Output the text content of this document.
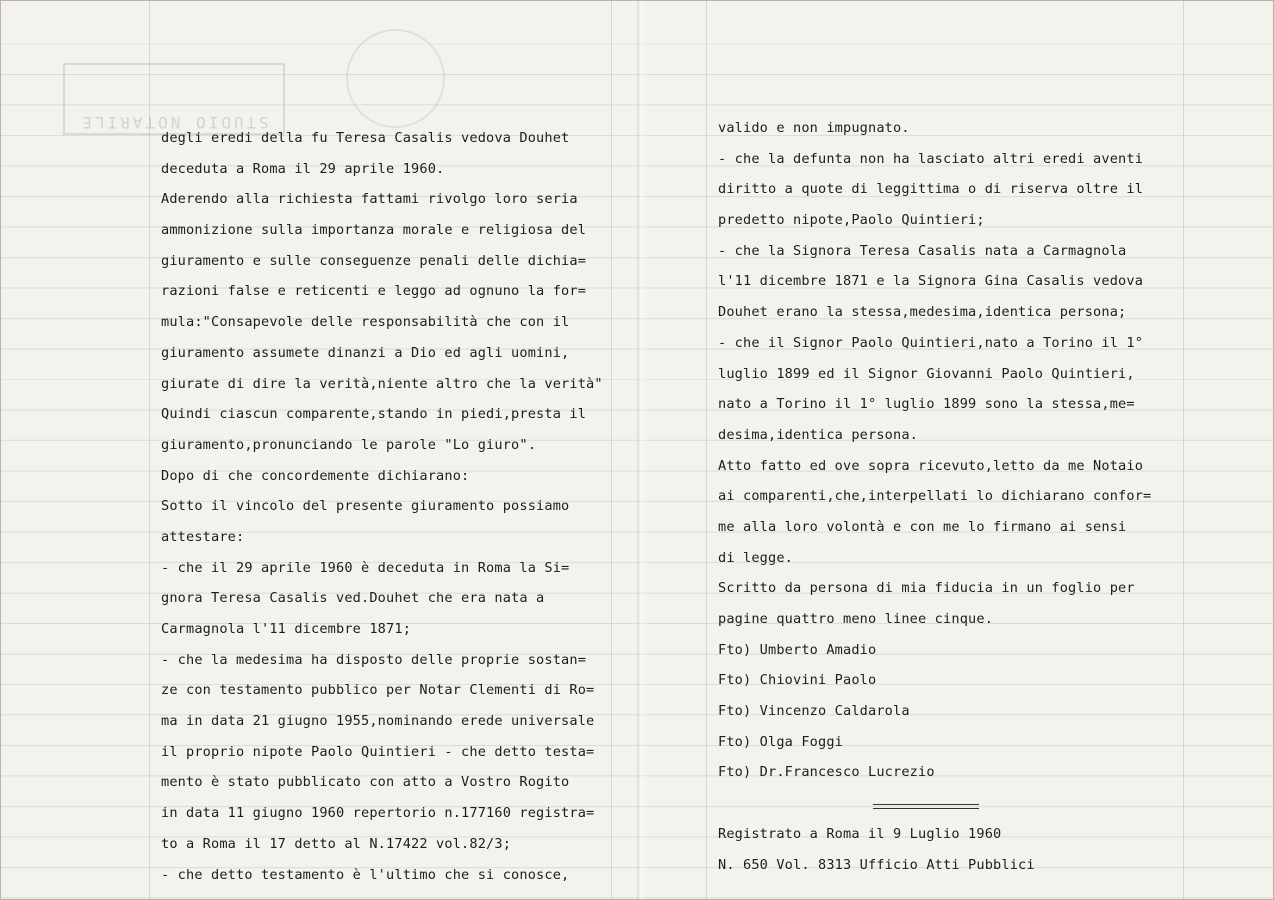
STUDIO NOTARILE
degli eredi della fu Teresa Casalis vedova Douhet
deceduta a Roma il 29 aprile 1960.
Aderendo alla richiesta fattami rivolgo loro seria
ammonizione sulla importanza morale e religiosa del
giuramento e sulle conseguenze penali delle dichia=
razioni false e reticenti e leggo ad ognuno la for=
mula:"Consapevole delle responsabilità che con il
giuramento assumete dinanzi a Dio ed agli uomini,
giurate di dire la verità,niente altro che la verità"
Quindi ciascun comparente,stando in piedi,presta il
giuramento,pronunciando le parole "Lo giuro".
Dopo di che concordemente dichiarano:
Sotto il vincolo del presente giuramento possiamo
attestare:
- che il 29 aprile 1960 è deceduta in Roma la Si=
gnora Teresa Casalis ved.Douhet che era nata a
Carmagnola l'11 dicembre 1871;
- che la medesima ha disposto delle proprie sostan=
ze con testamento pubblico per Notar Clementi di Ro=
ma in data 21 giugno 1955,nominando erede universale
il proprio nipote Paolo Quintieri - che detto testa=
mento è stato pubblicato con atto a Vostro Rogito
in data 11 giugno 1960 repertorio n.177160 registra=
to a Roma il 17 detto al N.17422 vol.82/3;
- che detto testamento è l'ultimo che si conosce,
valido e non impugnato.
- che la defunta non ha lasciato altri eredi aventi
diritto a quote di leggittima o di riserva oltre il
predetto nipote,Paolo Quintieri;
- che la Signora Teresa Casalis nata a Carmagnola
l'11 dicembre 1871 e la Signora Gina Casalis vedova
Douhet erano la stessa,medesima,identica persona;
- che il Signor Paolo Quintieri,nato a Torino il 1°
luglio 1899 ed il Signor Giovanni Paolo Quintieri,
nato a Torino il 1° luglio 1899 sono la stessa,me=
desima,identica persona.
Atto fatto ed ove sopra ricevuto,letto da me Notaio
ai comparenti,che,interpellati lo dichiarano confor=
me alla loro volontà e con me lo firmano ai sensi
di legge.
Scritto da persona di mia fiducia in un foglio per
pagine quattro meno linee cinque.
Fto) Umberto Amadio
Fto) Chiovini Paolo
Fto) Vincenzo Caldarola
Fto) Olga Foggi
Fto) Dr.Francesco Lucrezio
Registrato a Roma il 9 Luglio 1960
N. 650 Vol. 8313 Ufficio Atti Pubblici
